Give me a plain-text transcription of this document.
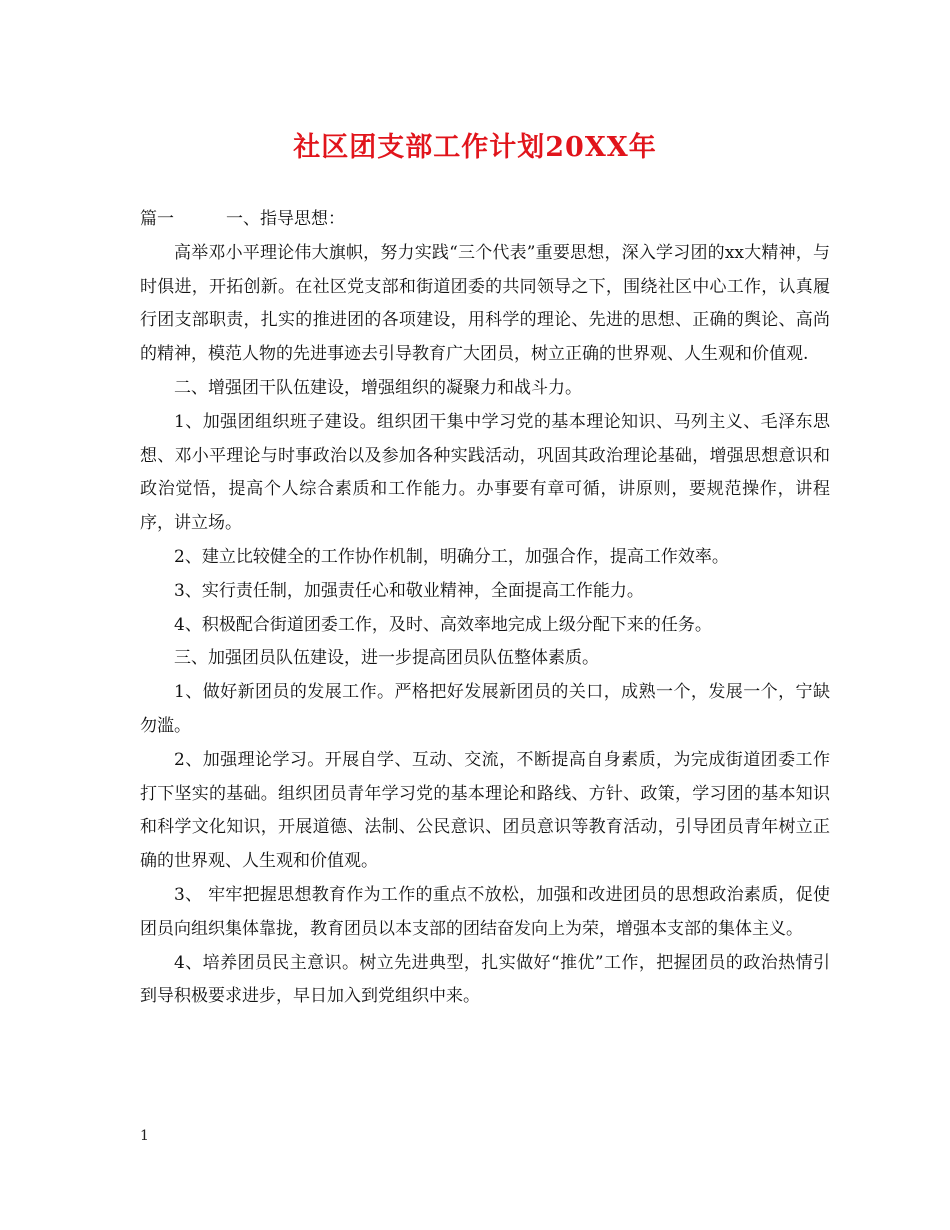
社区团支部工作计划20XX年

篇一	一、指导思想：

高举邓小平理论伟大旗帜，努力实践“三个代表”重要思想，深入学习团的xx大精神，与时俱进，开拓创新。在社区党支部和街道团委的共同领导之下，围绕社区中心工作，认真履行团支部职责，扎实的推进团的各项建设，用科学的理论、先进的思想、正确的舆论、高尚的精神，模范人物的先进事迹去引导教育广大团员，树立正确的世界观、人生观和价值观.

二、增强团干队伍建设，增强组织的凝聚力和战斗力。

1、加强团组织班子建设。组织团干集中学习党的基本理论知识、马列主义、毛泽东思想、邓小平理论与时事政治以及参加各种实践活动，巩固其政治理论基础，增强思想意识和政治觉悟，提高个人综合素质和工作能力。办事要有章可循，讲原则，要规范操作，讲程序，讲立场。

2、建立比较健全的工作协作机制，明确分工，加强合作，提高工作效率。

3、实行责任制，加强责任心和敬业精神，全面提高工作能力。

4、积极配合街道团委工作，及时、高效率地完成上级分配下来的任务。

三、加强团员队伍建设，进一步提高团员队伍整体素质。

1、做好新团员的发展工作。严格把好发展新团员的关口，成熟一个，发展一个，宁缺勿滥。

2、加强理论学习。开展自学、互动、交流，不断提高自身素质，为完成街道团委工作打下坚实的基础。组织团员青年学习党的基本理论和路线、方针、政策，学习团的基本知识和科学文化知识，开展道德、法制、公民意识、团员意识等教育活动，引导团员青年树立正确的世界观、人生观和价值观。

3、 牢牢把握思想教育作为工作的重点不放松，加强和改进团员的思想政治素质，促使团员向组织集体靠拢，教育团员以本支部的团结奋发向上为荣，增强本支部的集体主义。

4、培养团员民主意识。树立先进典型，扎实做好“推优”工作，把握团员的政治热情引到导积极要求进步，早日加入到党组织中来。

1
